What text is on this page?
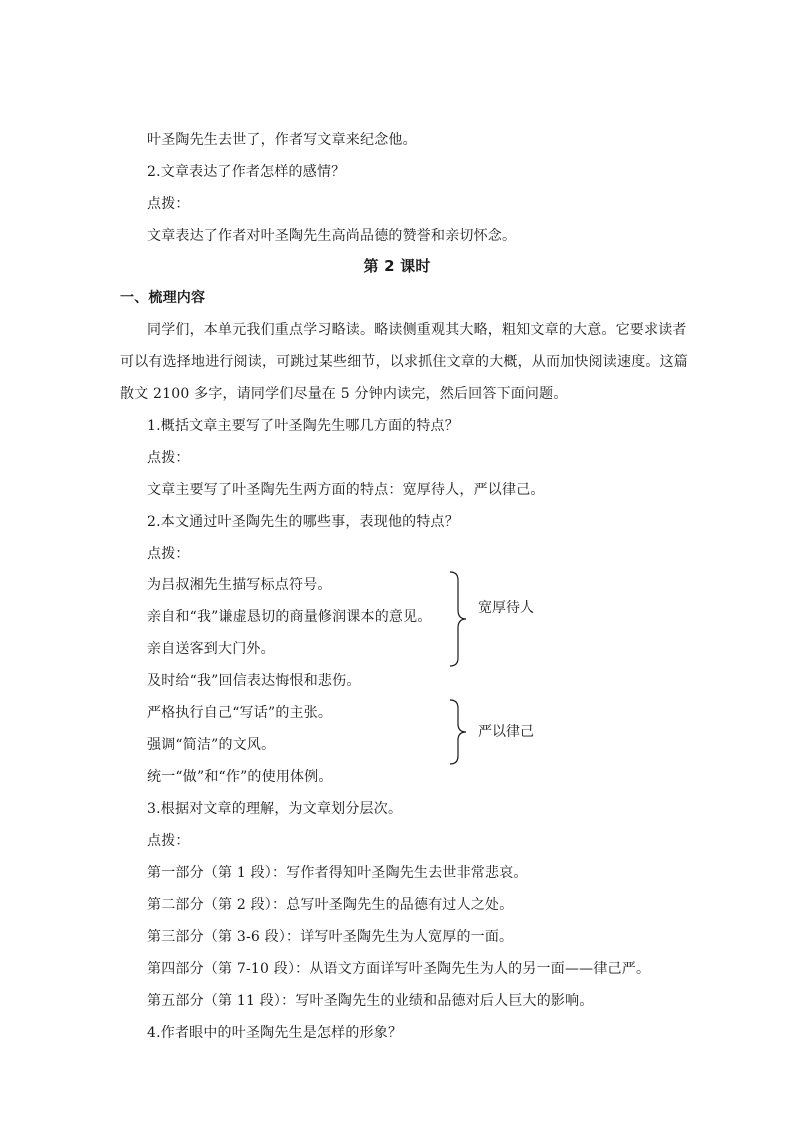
叶圣陶先生去世了，作者写文章来纪念他。
2.文章表达了作者怎样的感情？
点拨：
文章表达了作者对叶圣陶先生高尚品德的赞誉和亲切怀念。
第 2 课时
一、梳理内容
同学们，本单元我们重点学习略读。略读侧重观其大略，粗知文章的大意。它要求读者
可以有选择地进行阅读，可跳过某些细节，以求抓住文章的大概，从而加快阅读速度。这篇
散文 2100 多字，请同学们尽量在 5 分钟内读完，然后回答下面问题。
1.概括文章主要写了叶圣陶先生哪几方面的特点？
点拨：
文章主要写了叶圣陶先生两方面的特点：宽厚待人，严以律己。
2.本文通过叶圣陶先生的哪些事，表现他的特点？
点拨：
为吕叔湘先生描写标点符号。
亲自和“我”谦虚恳切的商量修润课本的意见。
亲自送客到大门外。
及时给“我”回信表达悔恨和悲伤。
宽厚待人
严格执行自己“写话”的主张。
强调“简洁”的文风。
统一“做”和“作”的使用体例。
严以律己
3.根据对文章的理解，为文章划分层次。
点拨：
第一部分（第 1 段）：写作者得知叶圣陶先生去世非常悲哀。
第二部分（第 2 段）：总写叶圣陶先生的品德有过人之处。
第三部分（第 3-6 段）：详写叶圣陶先生为人宽厚的一面。
第四部分（第 7-10 段）：从语文方面详写叶圣陶先生为人的另一面——律己严。
第五部分（第 11 段）：写叶圣陶先生的业绩和品德对后人巨大的影响。
4.作者眼中的叶圣陶先生是怎样的形象？
